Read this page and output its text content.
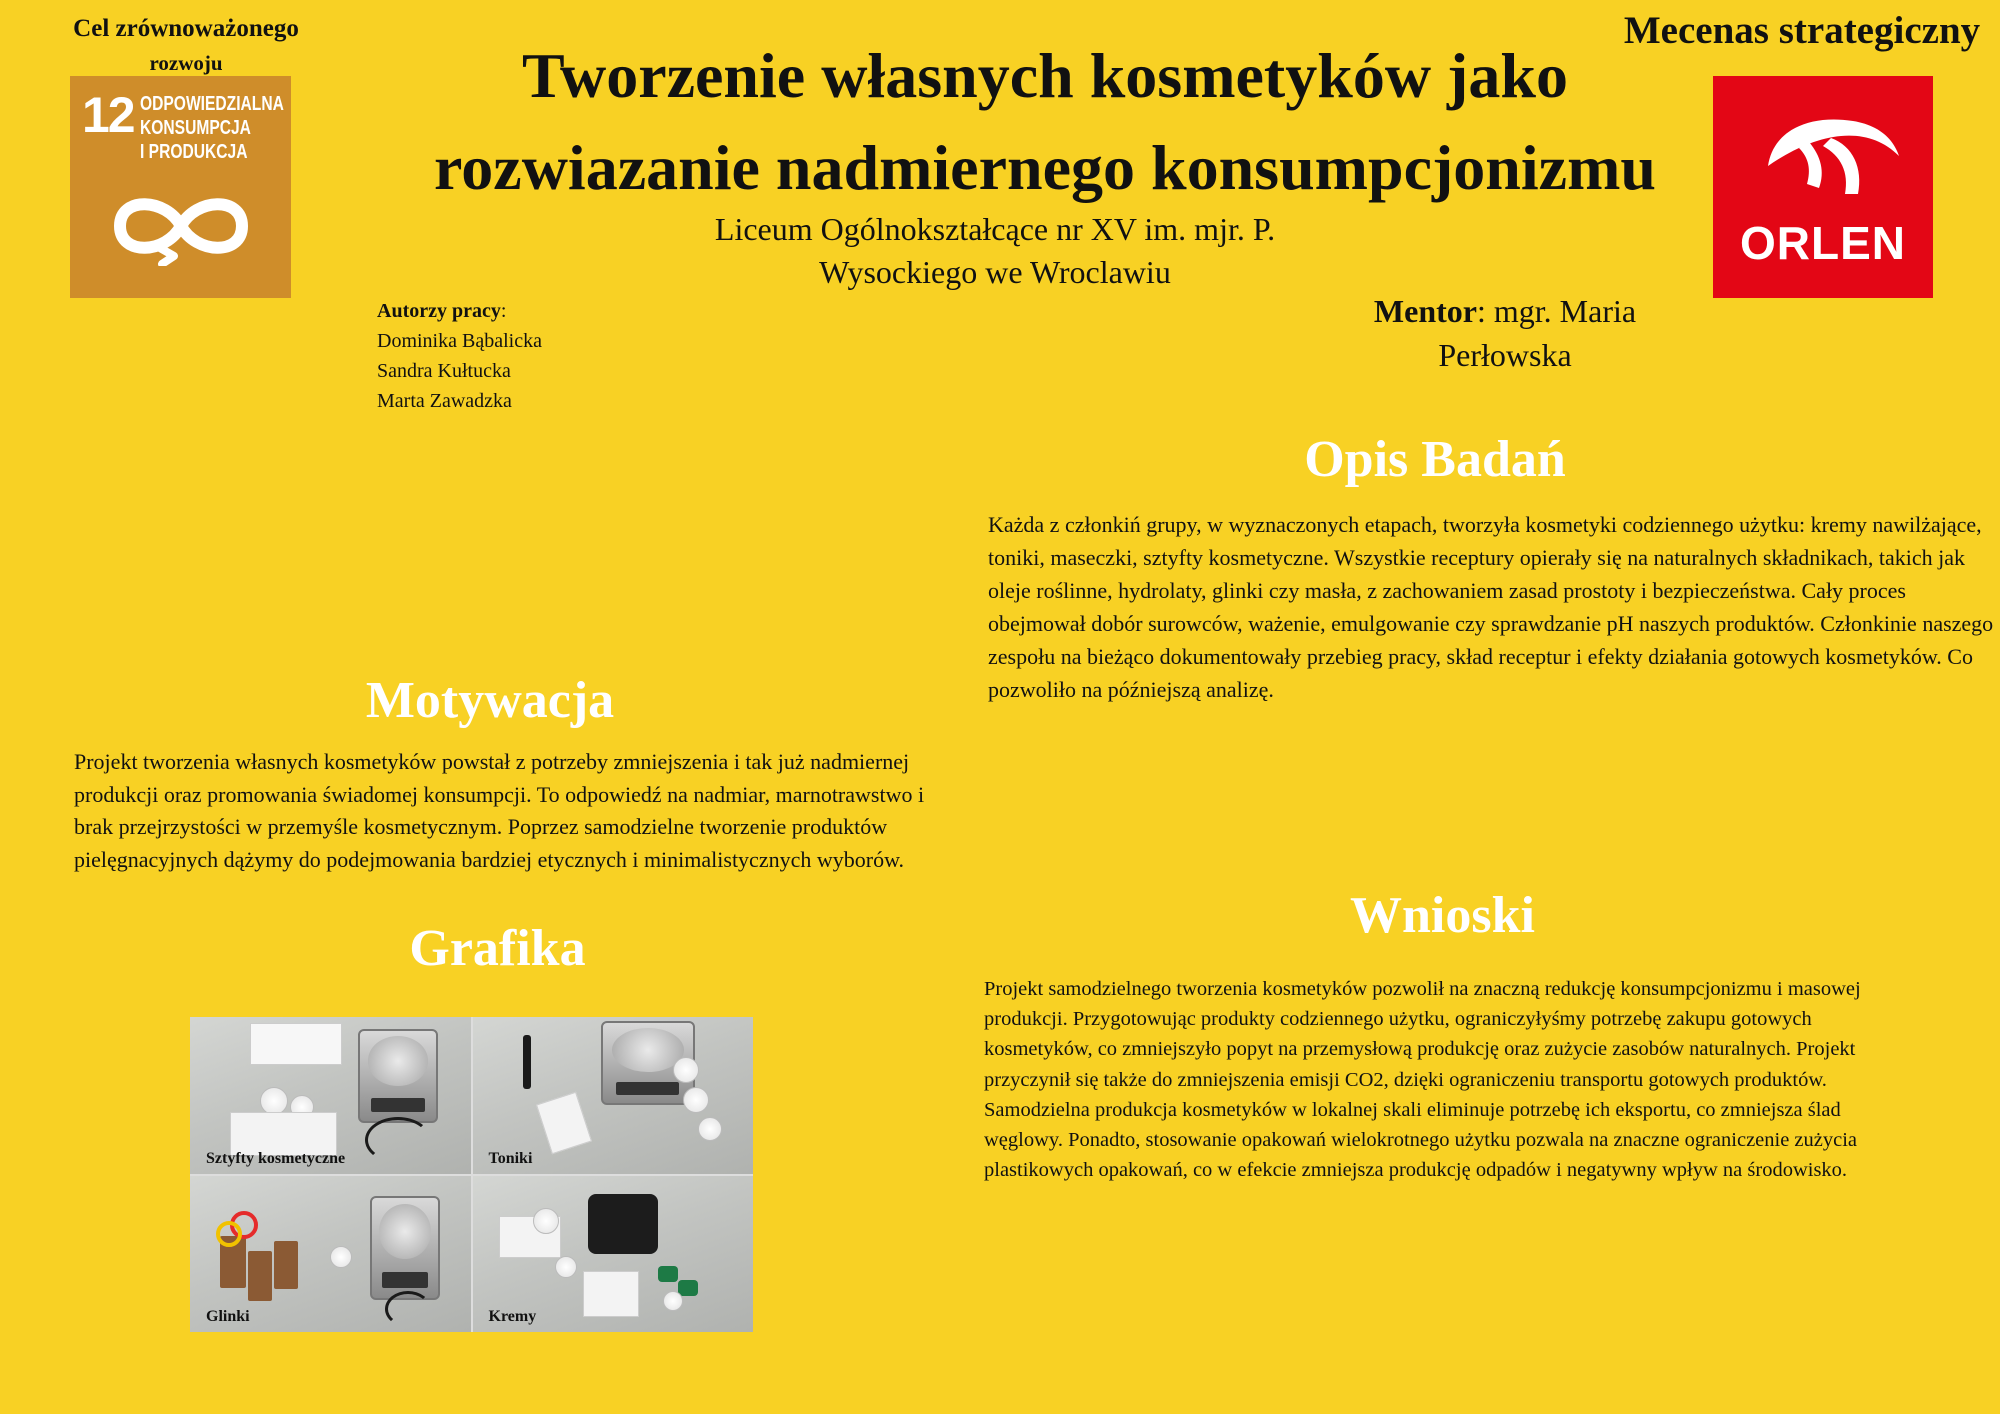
Cel zrównoważonego
rozwoju
12 ODPOWIEDZIALNA
KONSUMPCJA
I PRODUKCJA
Mecenas strategiczny
ORLEN
Tworzenie własnych kosmetyków jako
rozwiazanie nadmiernego konsumpcjonizmu
Liceum Ogólnokształcące nr XV im. mjr. P.
Wysockiego we Wroclawiu
Autorzy pracy:
Dominika Bąbalicka
Sandra Kułtucka
Marta Zawadzka
Mentor: mgr. Maria
Perłowska
Opis Badań
Każda z członkiń grupy, w wyznaczonych etapach, tworzyła kosmetyki codziennego użytku: kremy nawilżające, toniki, maseczki, sztyfty kosmetyczne. Wszystkie receptury opierały się na naturalnych składnikach, takich jak oleje roślinne, hydrolaty, glinki czy masła, z zachowaniem zasad prostoty i bezpieczeństwa. Cały proces obejmował dobór surowców, ważenie, emulgowanie czy sprawdzanie pH naszych produktów. Członkinie naszego zespołu na bieżąco dokumentowały przebieg pracy, skład receptur i efekty działania gotowych kosmetyków. Co pozwoliło na późniejszą analizę.
Motywacja
Projekt tworzenia własnych kosmetyków powstał z potrzeby zmniejszenia i tak już nadmiernej produkcji oraz promowania świadomej konsumpcji. To odpowiedź na nadmiar, marnotrawstwo i brak przejrzystości w przemyśle kosmetycznym. Poprzez samodzielne tworzenie produktów pielęgnacyjnych dążymy do podejmowania bardziej etycznych i minimalistycznych wyborów.
Grafika
Sztyfty kosmetyczne	Toniki
Glinki	Kremy
Wnioski
Projekt samodzielnego tworzenia kosmetyków pozwolił na znaczną redukcję konsumpcjonizmu i masowej produkcji. Przygotowując produkty codziennego użytku, ograniczyłyśmy potrzebę zakupu gotowych kosmetyków, co zmniejszyło popyt na przemysłową produkcję oraz zużycie zasobów naturalnych. Projekt przyczynił się także do zmniejszenia emisji CO2, dzięki ograniczeniu transportu gotowych produktów. Samodzielna produkcja kosmetyków w lokalnej skali eliminuje potrzebę ich eksportu, co zmniejsza ślad węglowy. Ponadto, stosowanie opakowań wielokrotnego użytku pozwala na znaczne ograniczenie zużycia plastikowych opakowań, co w efekcie zmniejsza produkcję odpadów i negatywny wpływ na środowisko.
